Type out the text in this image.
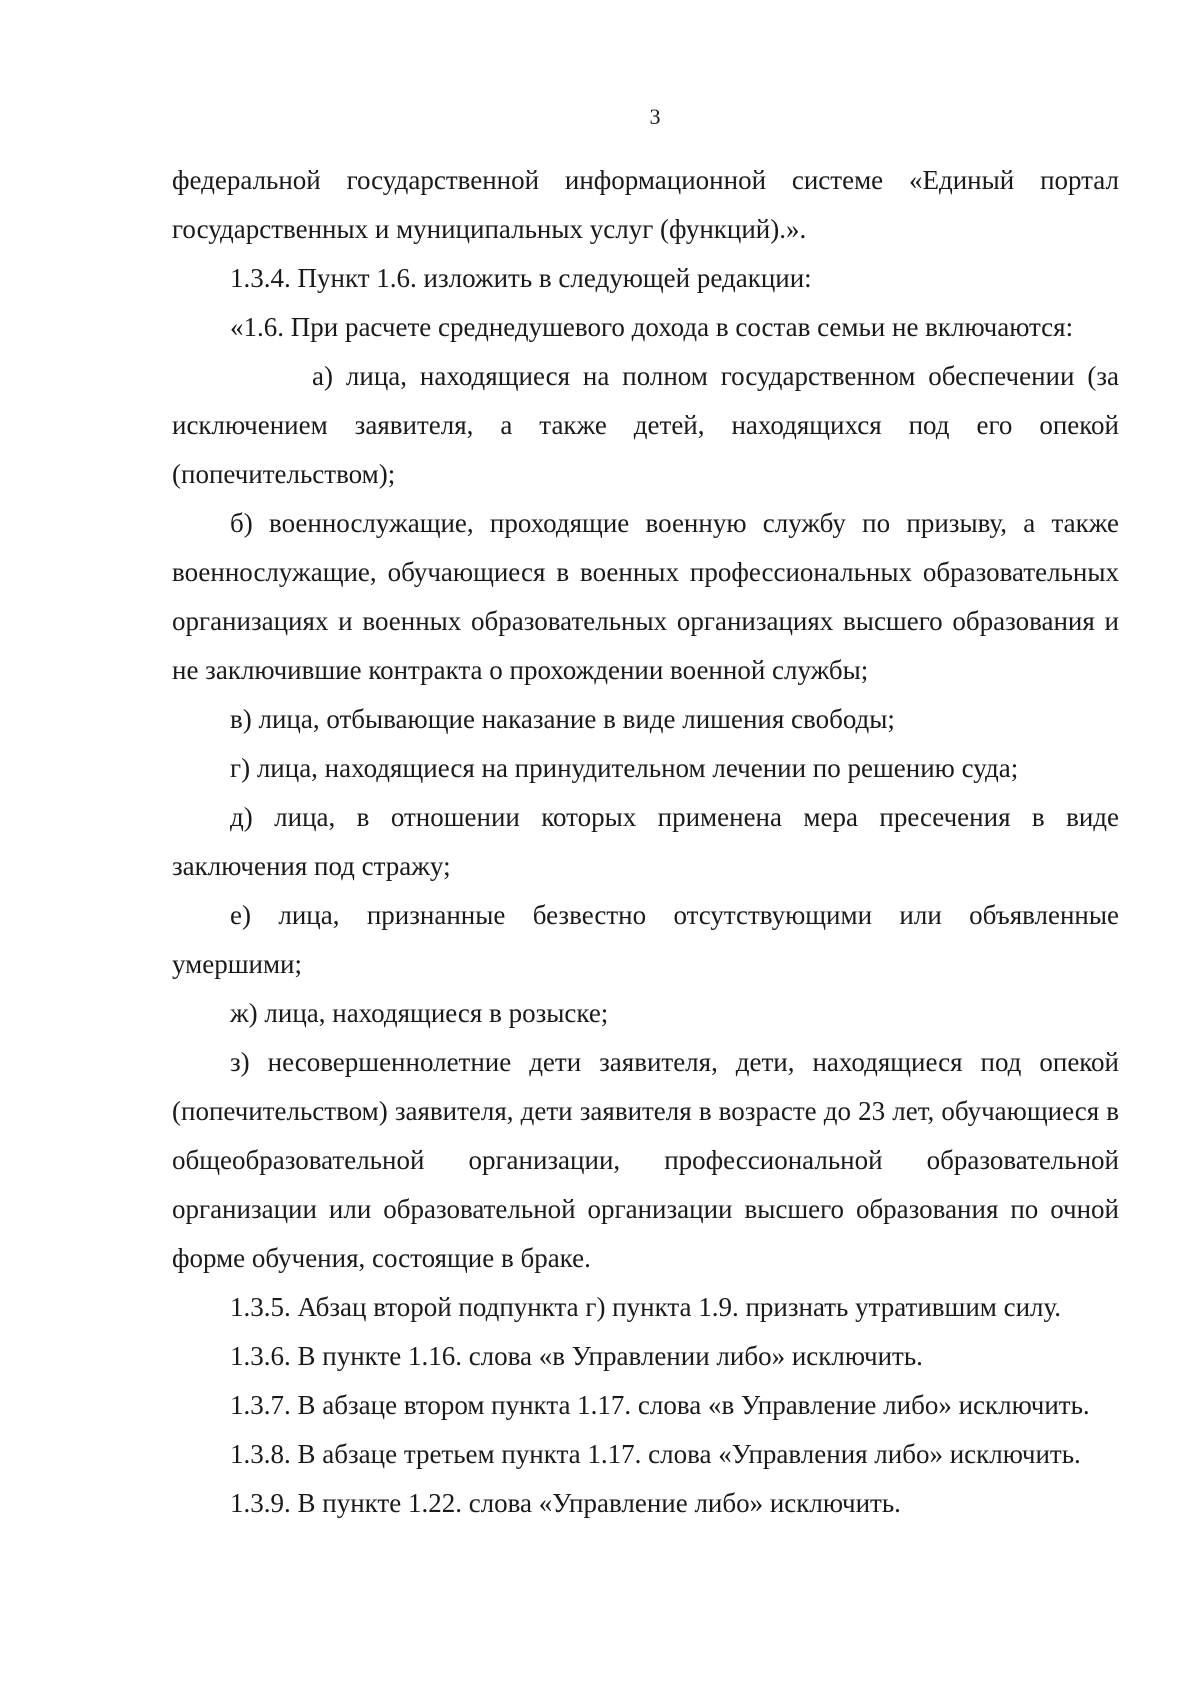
3

федеральной государственной информационной системе «Единый портал государственных и муниципальных услуг (функций).».

1.3.4. Пункт 1.6. изложить в следующей редакции:

«1.6. При расчете среднедушевого дохода в состав семьи не включаются:

а) лица, находящиеся на полном государственном обеспечении (за исключением заявителя, а также детей, находящихся под его опекой (попечительством);

б) военнослужащие, проходящие военную службу по призыву, а также военнослужащие, обучающиеся в военных профессиональных образовательных организациях и военных образовательных организациях высшего образования и не заключившие контракта о прохождении военной службы;

в) лица, отбывающие наказание в виде лишения свободы;

г) лица, находящиеся на принудительном лечении по решению суда;

д) лица, в отношении которых применена мера пресечения в виде заключения под стражу;

е) лица, признанные безвестно отсутствующими или объявленные умершими;

ж) лица, находящиеся в розыске;

з) несовершеннолетние дети заявителя, дети, находящиеся под опекой (попечительством) заявителя, дети заявителя в возрасте до 23 лет, обучающиеся в общеобразовательной организации, профессиональной образовательной организации или образовательной организации высшего образования по очной форме обучения, состоящие в браке.

1.3.5. Абзац второй подпункта г) пункта 1.9. признать утратившим силу.

1.3.6. В пункте 1.16. слова «в Управлении либо» исключить.

1.3.7. В абзаце втором пункта 1.17. слова «в Управление либо» исключить.

1.3.8. В абзаце третьем пункта 1.17. слова «Управления либо» исключить.

1.3.9. В пункте 1.22. слова «Управление либо» исключить.
